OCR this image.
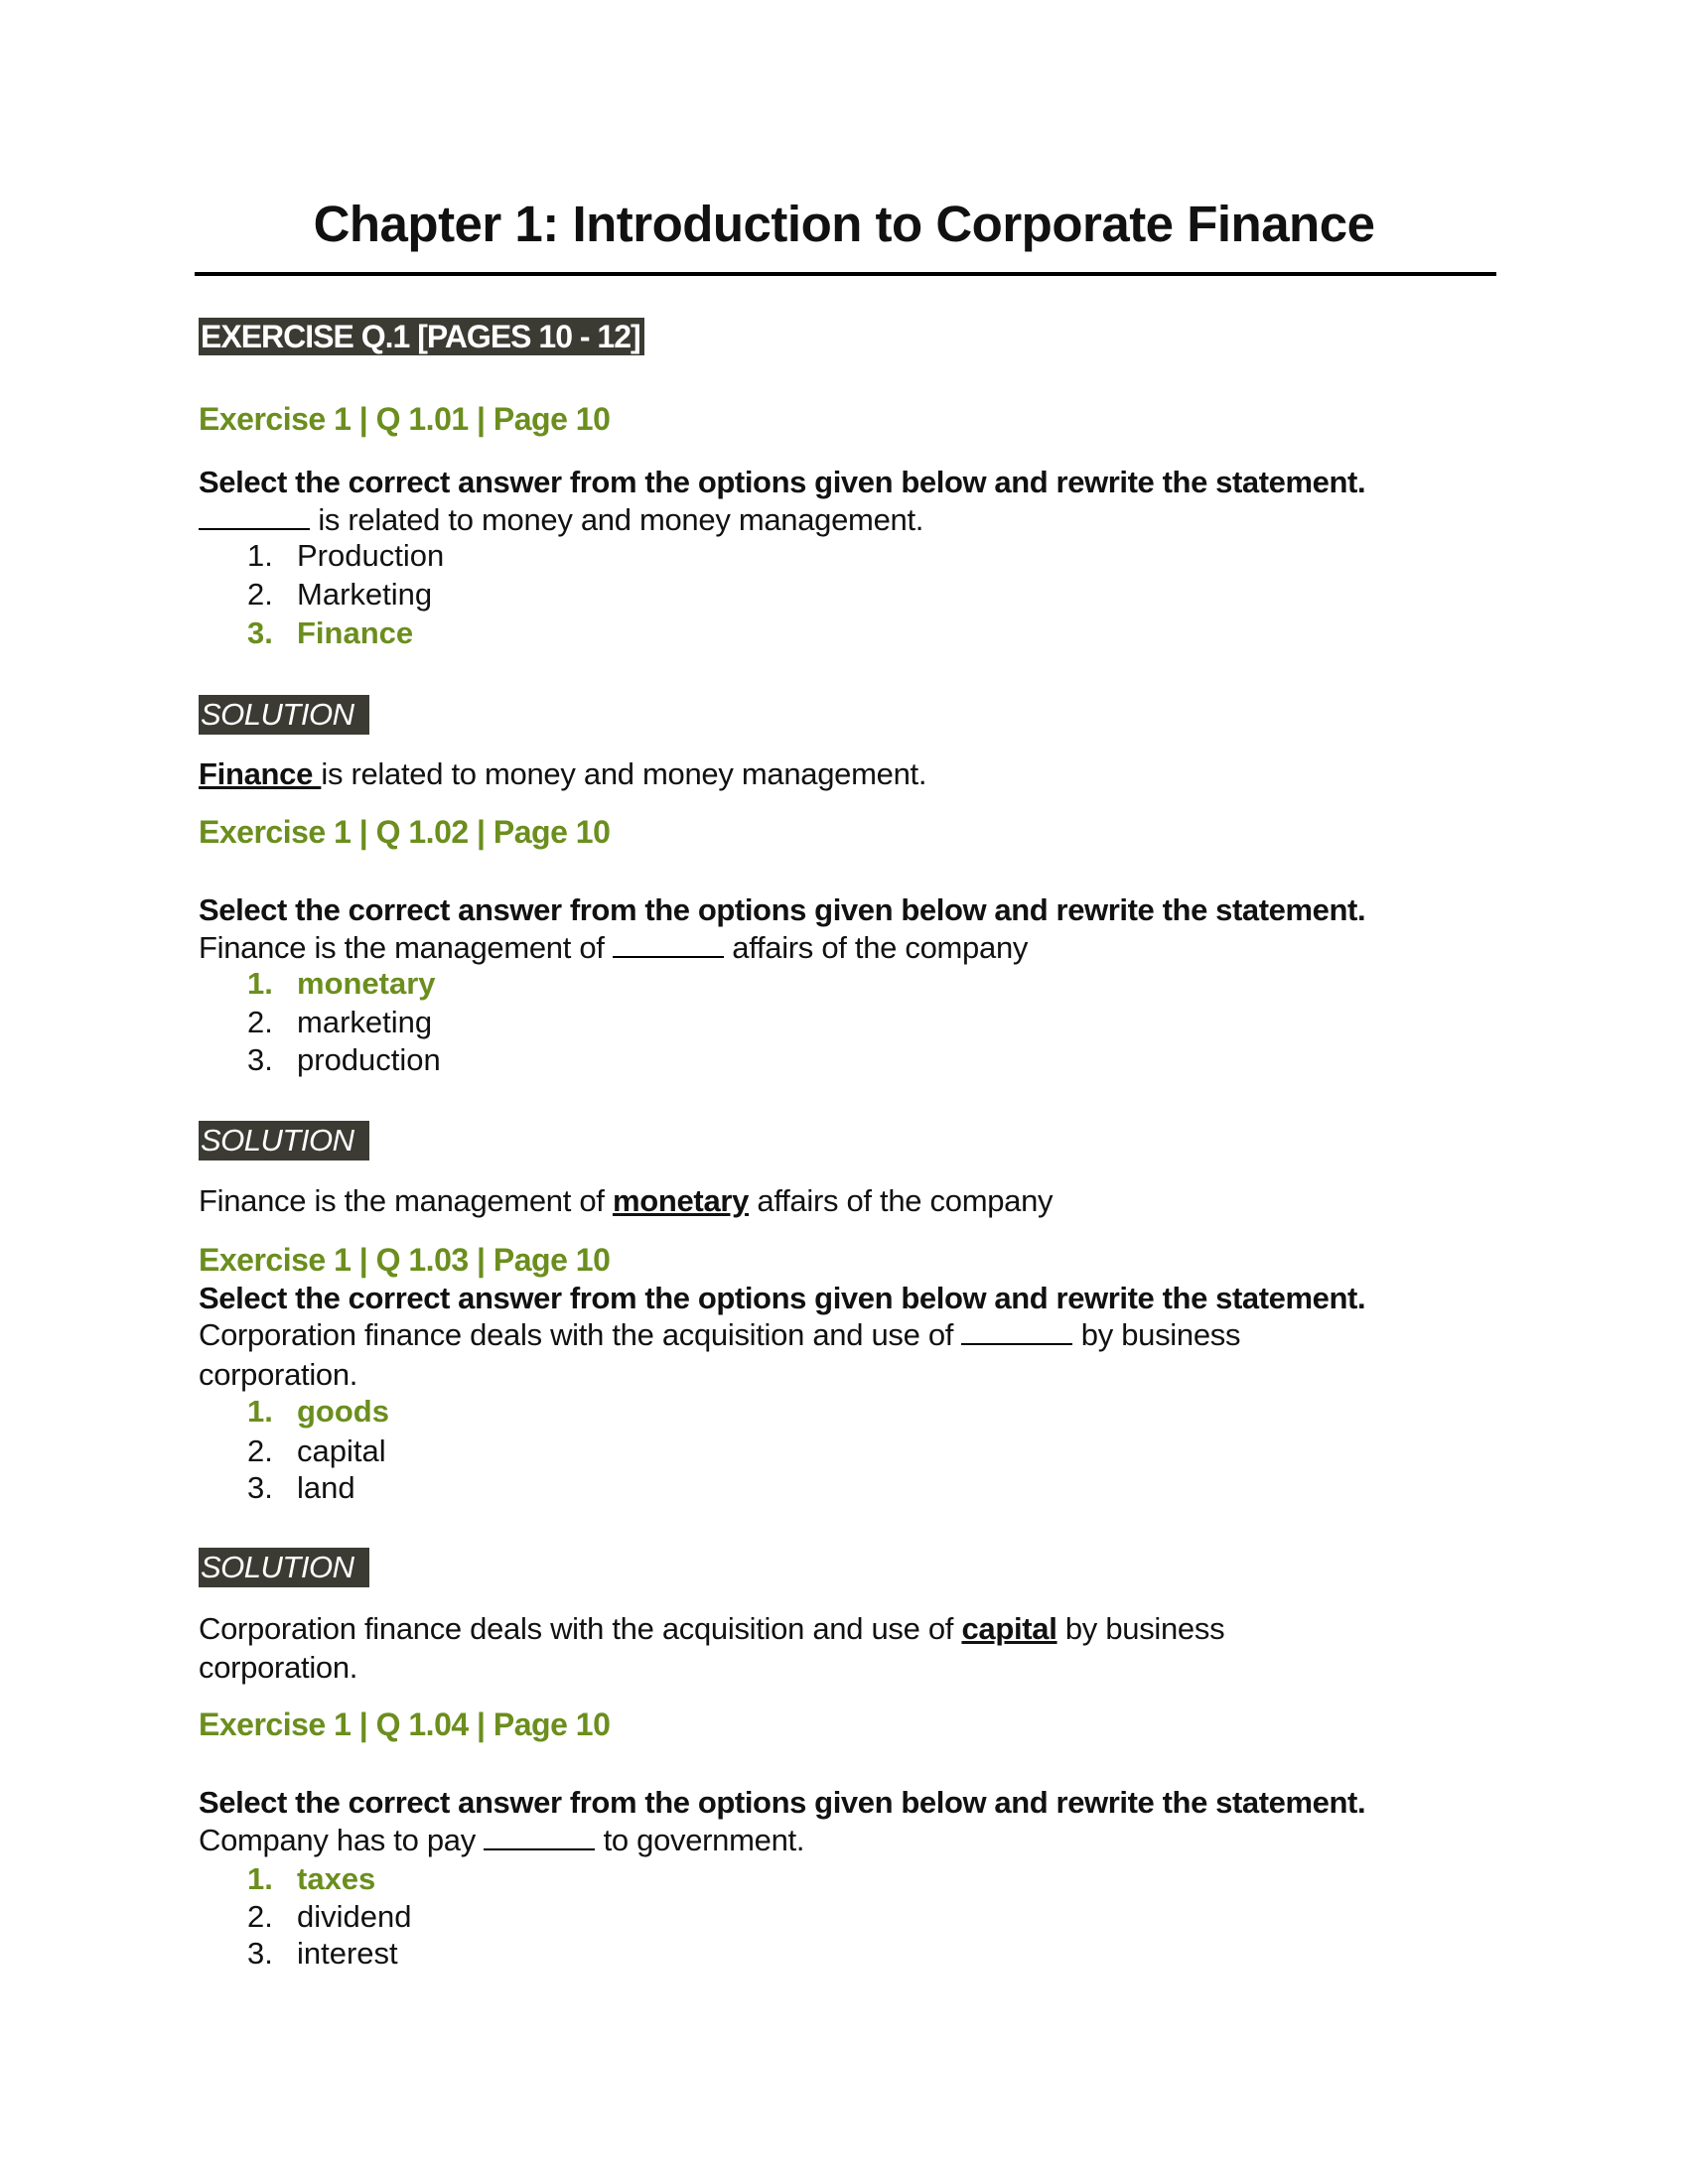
Chapter 1: Introduction to Corporate Finance
EXERCISE Q.1 [PAGES 10 - 12]
Exercise 1 | Q 1.01 | Page 10
Select the correct answer from the options given below and rewrite the statement.
is related to money and money management.
1. Production
2. Marketing
3. Finance
SOLUTION
Finance is related to money and money management.
Exercise 1 | Q 1.02 | Page 10
Select the correct answer from the options given below and rewrite the statement.
Finance is the management of	affairs of the company
1. monetary
2. marketing
3. production
SOLUTION
Finance is the management of monetary affairs of the company
Exercise 1 | Q 1.03 | Page 10
Select the correct answer from the options given below and rewrite the statement.
Corporation finance deals with the acquisition and use of	by business
corporation.
1. goods
2. capital
3. land
SOLUTION
Corporation finance deals with the acquisition and use of capital by business
corporation.
Exercise 1 | Q 1.04 | Page 10
Select the correct answer from the options given below and rewrite the statement.
Company has to pay	to government.
1. taxes
2. dividend
3. interest
